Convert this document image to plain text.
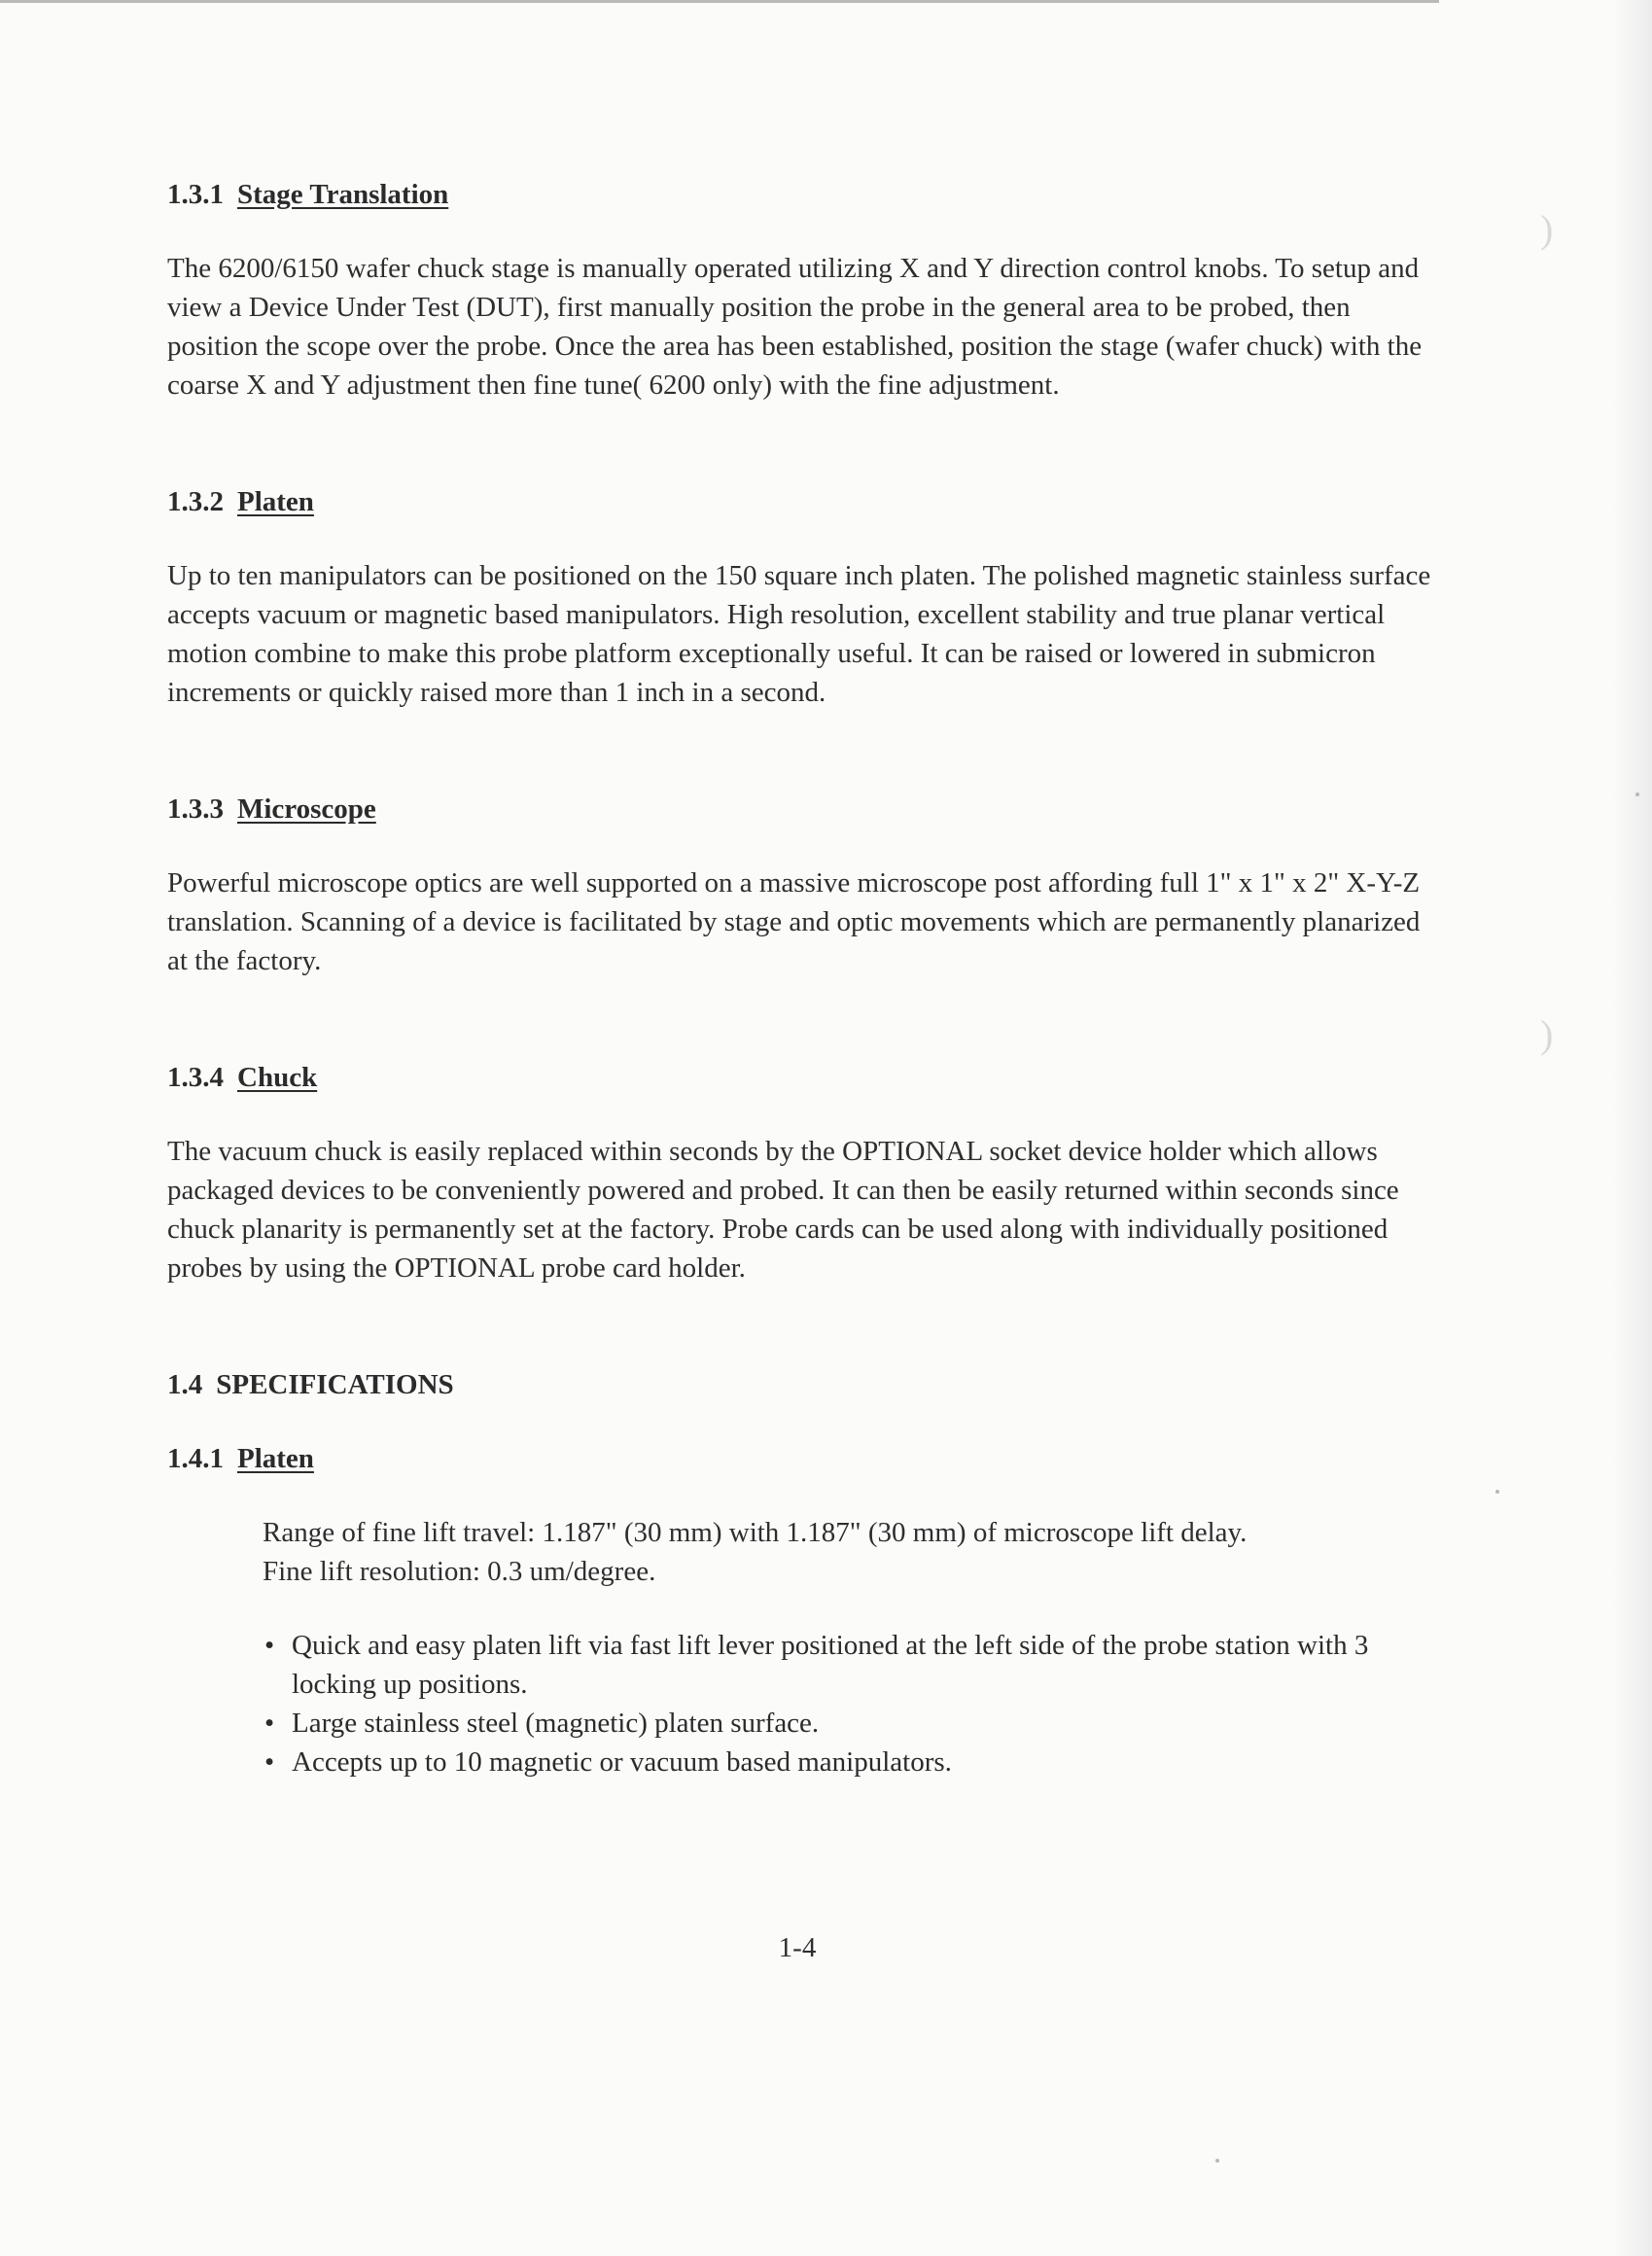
)
)
1.3.1 Stage Translation

The 6200/6150 wafer chuck stage is manually operated utilizing X and Y direction control knobs. To setup and view a Device Under Test (DUT), first manually position the probe in the general area to be probed, then position the scope over the probe. Once the area has been established, position the stage (wafer chuck) with the coarse X and Y adjustment then fine tune( 6200 only) with the fine adjustment.

1.3.2 Platen

Up to ten manipulators can be positioned on the 150 square inch platen. The polished magnetic stainless surface accepts vacuum or magnetic based manipulators. High resolution, excellent stability and true planar vertical motion combine to make this probe platform exceptionally useful. It can be raised or lowered in submicron increments or quickly raised more than 1 inch in a second.

1.3.3 Microscope

Powerful microscope optics are well supported on a massive microscope post affording full 1" x 1" x 2" X-Y-Z translation. Scanning of a device is facilitated by stage and optic movements which are permanently planarized at the factory.

1.3.4 Chuck

The vacuum chuck is easily replaced within seconds by the OPTIONAL socket device holder which allows packaged devices to be conveniently powered and probed. It can then be easily returned within seconds since chuck planarity is permanently set at the factory. Probe cards can be used along with individually positioned probes by using the OPTIONAL probe card holder.

1.4 SPECIFICATIONS
1.4.1 Platen

Range of fine lift travel: 1.187" (30 mm) with 1.187" (30 mm) of microscope lift delay.

Fine lift resolution: 0.3 um/degree.

• Quick and easy platen lift via fast lift lever positioned at the left side of the probe station with 3 locking up positions.
• Large stainless steel (magnetic) platen surface.
• Accepts up to 10 magnetic or vacuum based manipulators.
1-4
